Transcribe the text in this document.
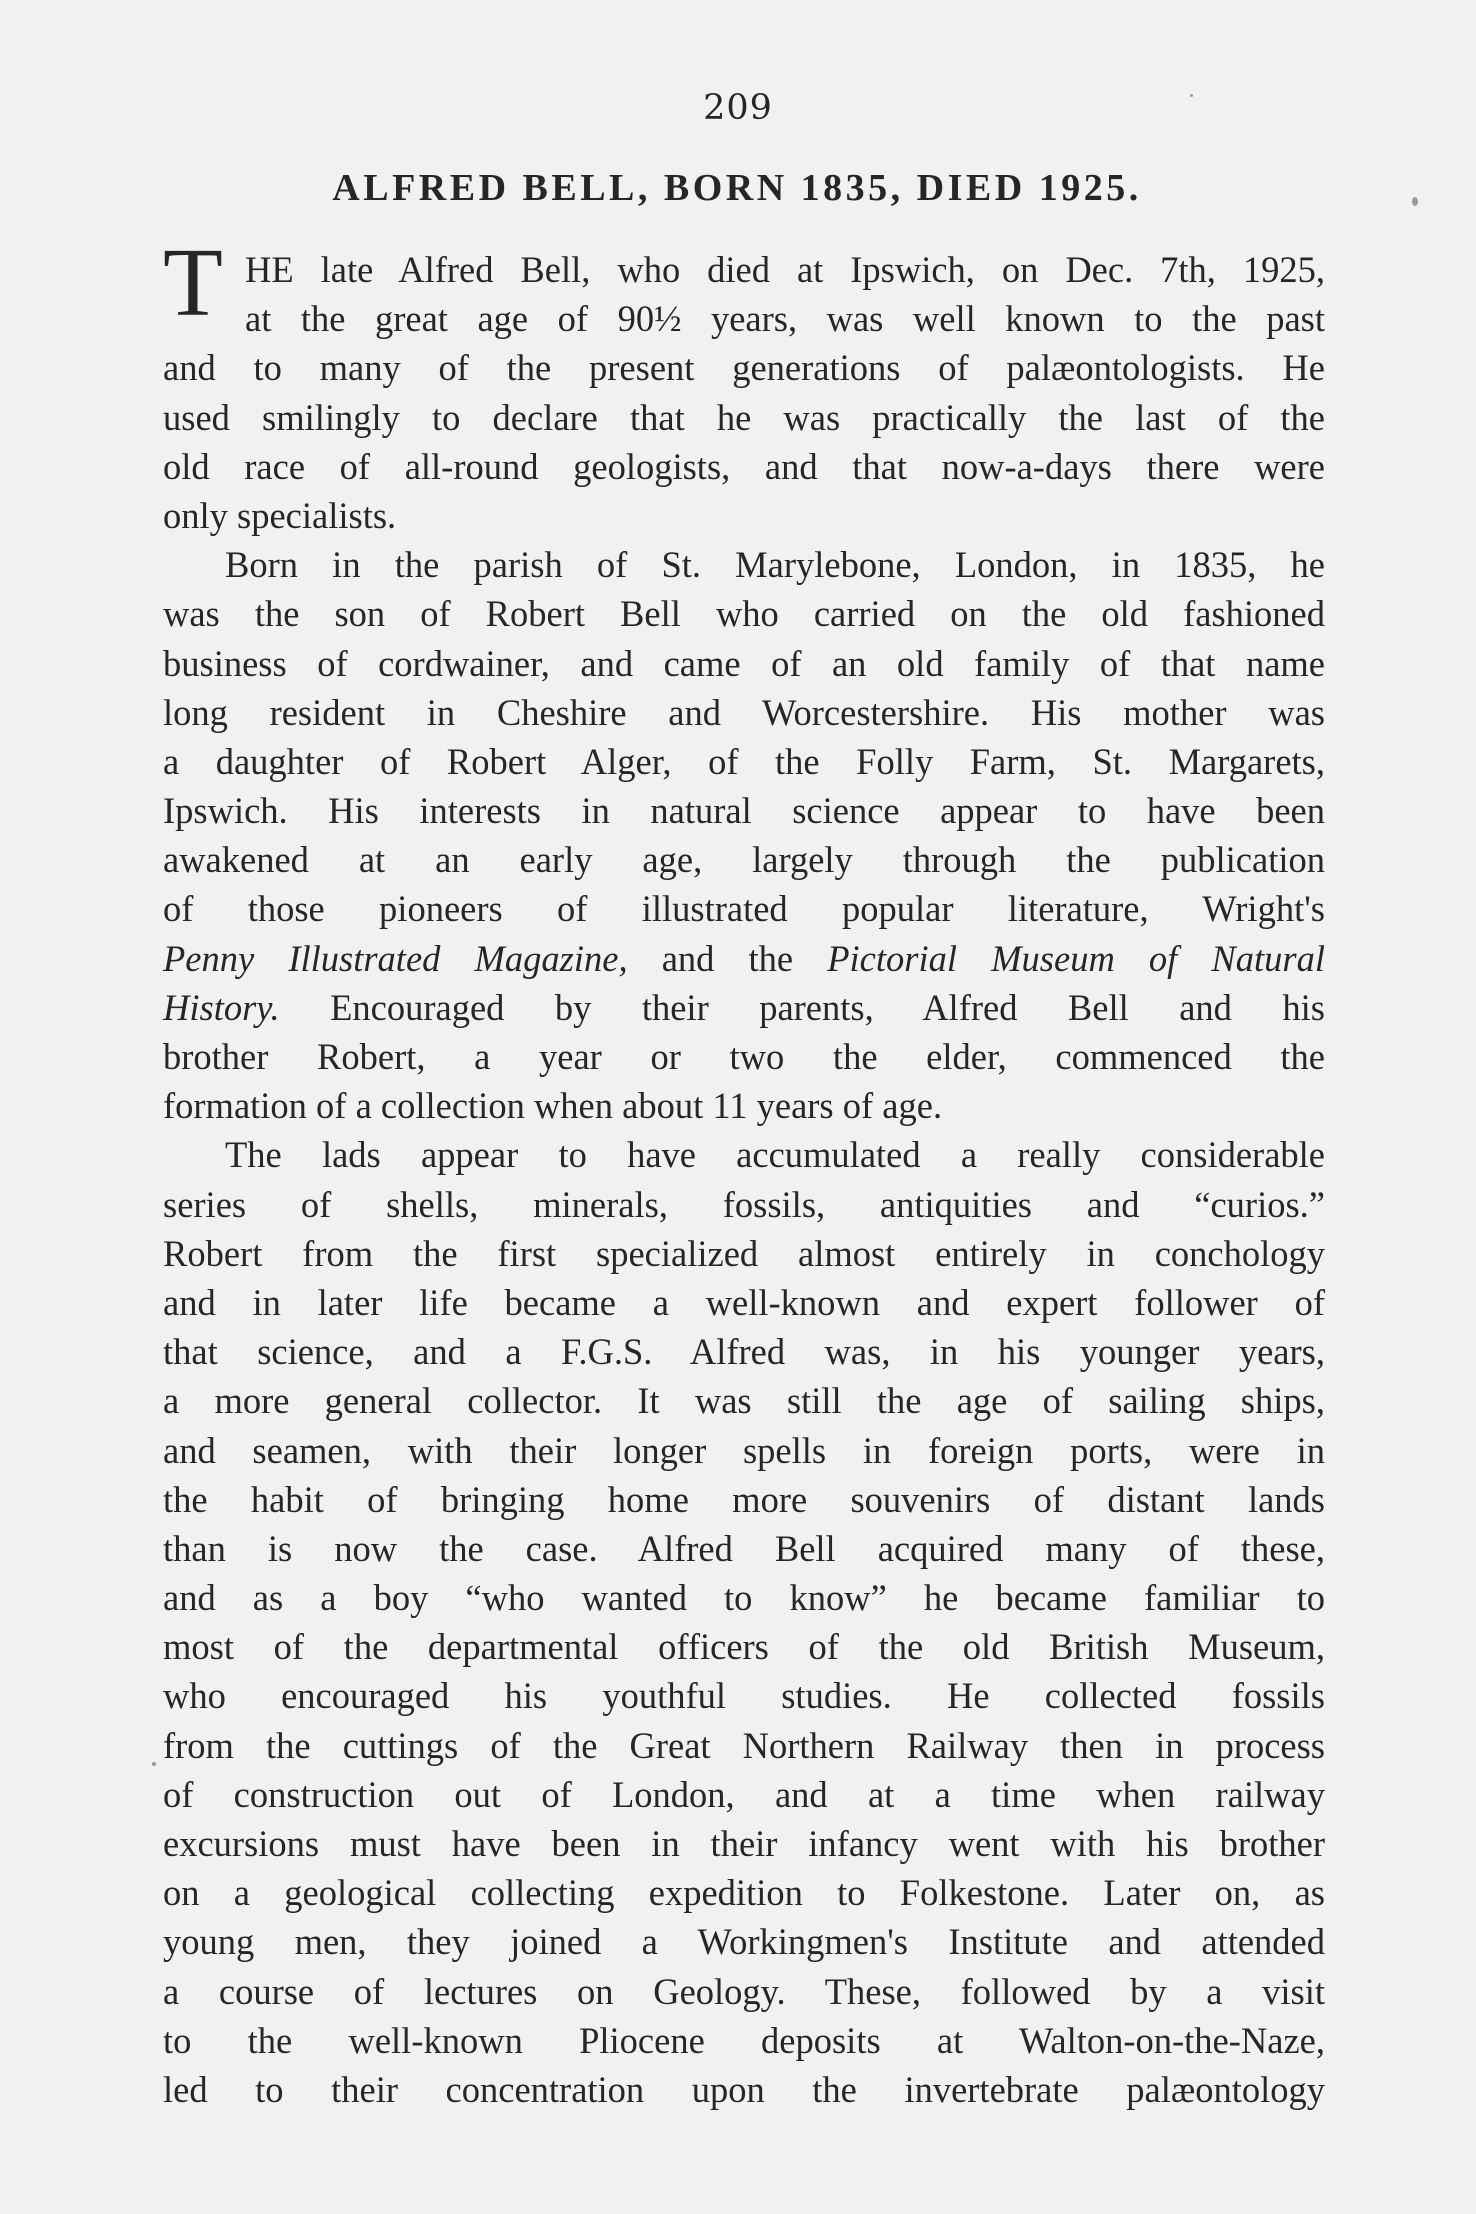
209
ALFRED BELL, BORN 1835, DIED 1925.
T HE late Alfred Bell, who died at Ipswich, on Dec. 7th, 1925,
at the great age of 90½ years, was well known to the past
and to many of the present generations of palæontologists. He
used smilingly to declare that he was practically the last of the
old race of all-round geologists, and that now-a-days there were
only specialists.
Born in the parish of St. Marylebone, London, in 1835, he
was the son of Robert Bell who carried on the old fashioned
business of cordwainer, and came of an old family of that name
long resident in Cheshire and Worcestershire. His mother was
a daughter of Robert Alger, of the Folly Farm, St. Margarets,
Ipswich. His interests in natural science appear to have been
awakened at an early age, largely through the publication
of those pioneers of illustrated popular literature, Wright's
Penny Illustrated Magazine, and the Pictorial Museum of Natural
History. Encouraged by their parents, Alfred Bell and his
brother Robert, a year or two the elder, commenced the
formation of a collection when about 11 years of age.
The lads appear to have accumulated a really considerable
series of shells, minerals, fossils, antiquities and “curios.”
Robert from the first specialized almost entirely in conchology
and in later life became a well-known and expert follower of
that science, and a F.G.S. Alfred was, in his younger years,
a more general collector. It was still the age of sailing ships,
and seamen, with their longer spells in foreign ports, were in
the habit of bringing home more souvenirs of distant lands
than is now the case. Alfred Bell acquired many of these,
and as a boy “who wanted to know” he became familiar to
most of the departmental officers of the old British Museum,
who encouraged his youthful studies. He collected fossils
from the cuttings of the Great Northern Railway then in process
of construction out of London, and at a time when railway
excursions must have been in their infancy went with his brother
on a geological collecting expedition to Folkestone. Later on, as
young men, they joined a Workingmen's Institute and attended
a course of lectures on Geology. These, followed by a visit
to the well-known Pliocene deposits at Walton-on-the-Naze,
led to their concentration upon the invertebrate palæontology
